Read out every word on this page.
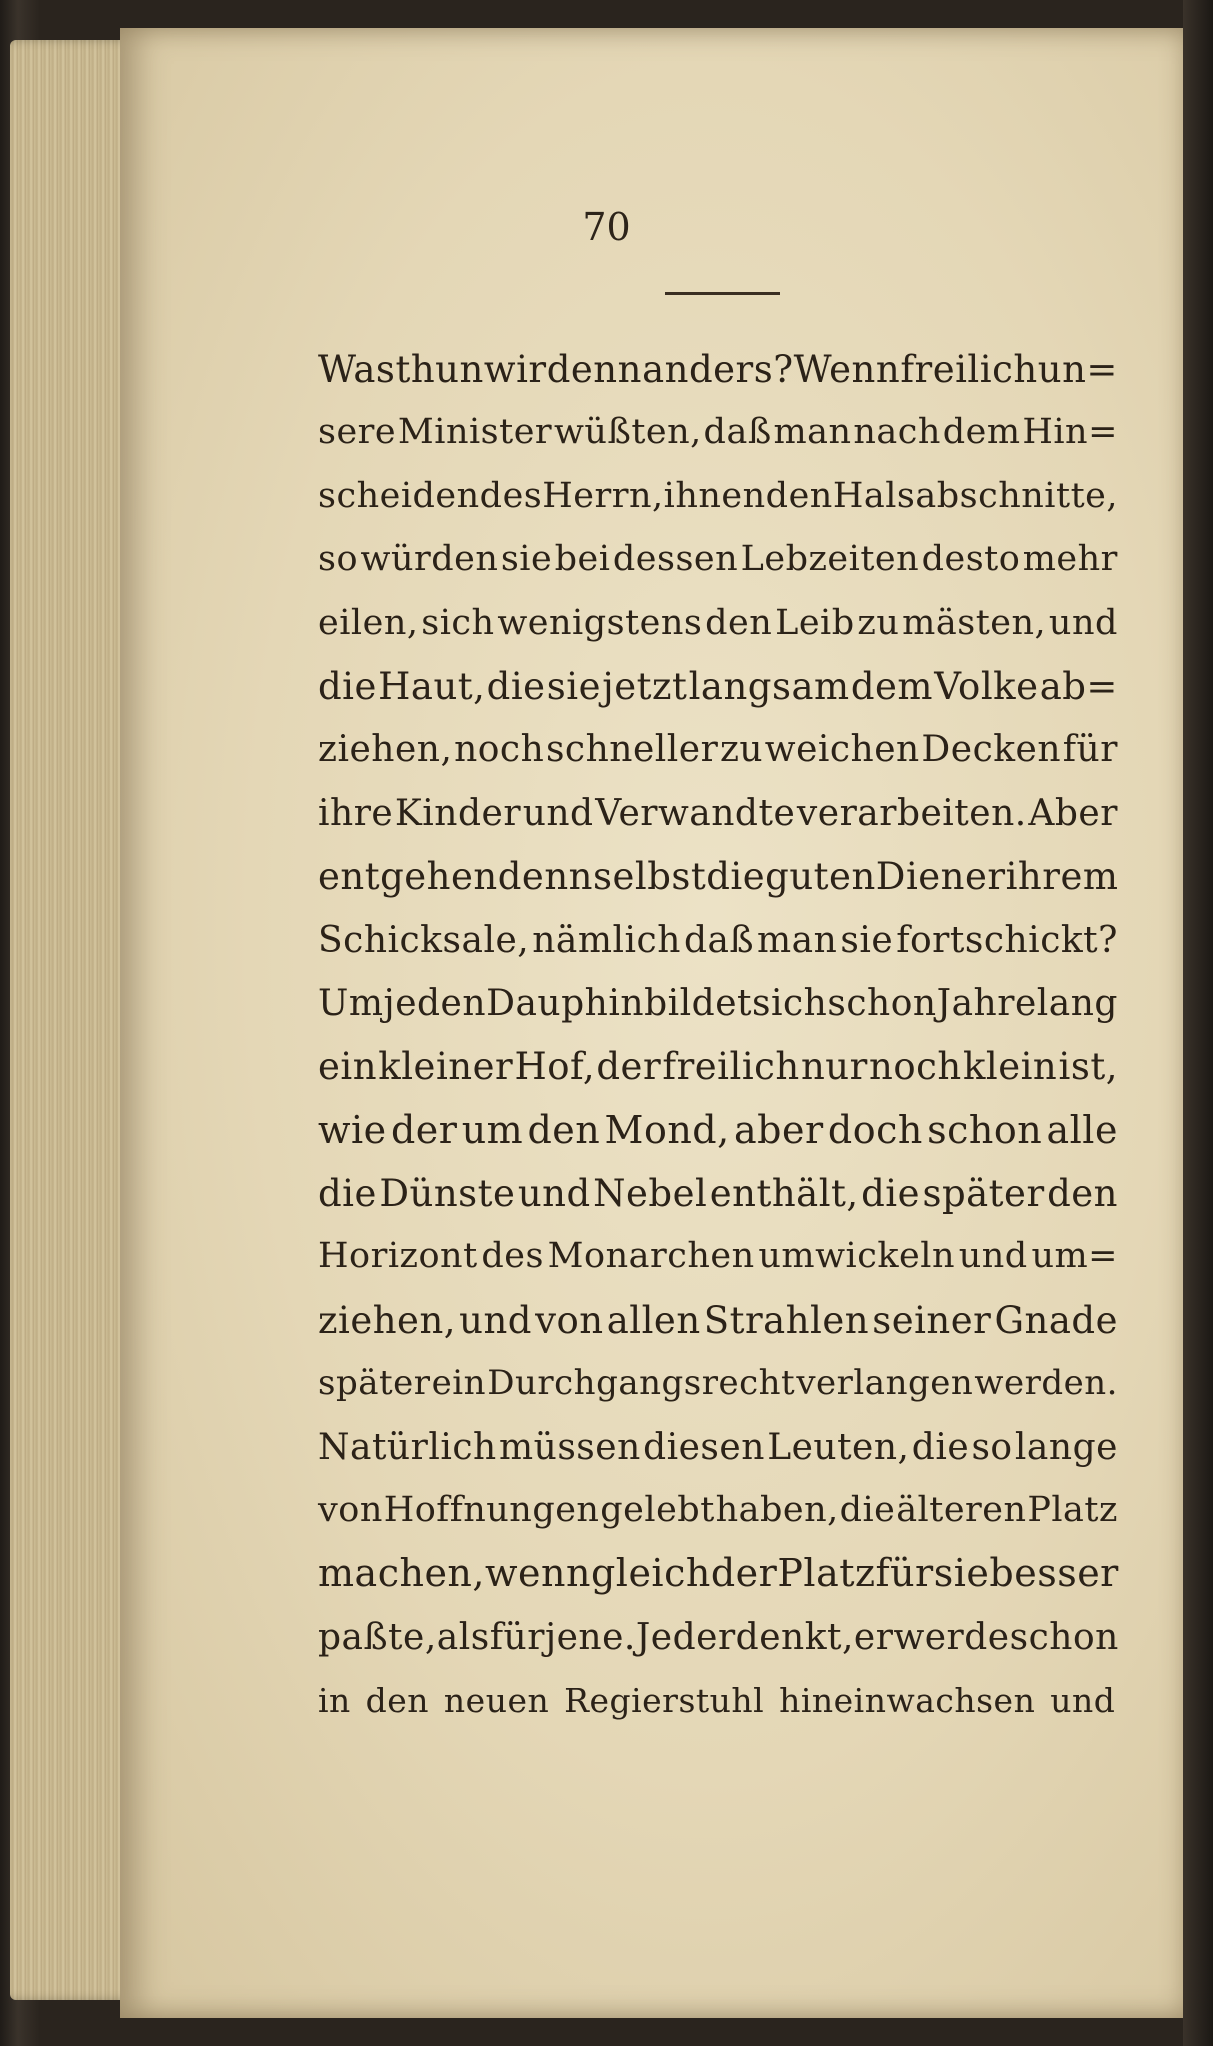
70
Was thun wir denn anders? Wenn freilich un=
sere Minister wüßten, daß man nach dem Hin=
scheiden des Herrn, ihnen den Hals abschnitte,
so würden sie bei dessen Lebzeiten desto mehr
eilen, sich wenigstens den Leib zu mästen, und
die Haut, die sie jetzt langsam dem Volke ab=
ziehen, noch schneller zu weichen Decken für
ihre Kinder und Verwandte verarbeiten. Aber
entgehen denn selbst die guten Diener ihrem
Schicksale, nämlich daß man sie fortschickt?
Um jeden Dauphin bildet sich schon Jahrelang
ein kleiner Hof, der freilich nur noch klein ist,
wie der um den Mond, aber doch schon alle
die Dünste und Nebel enthält, die später den
Horizont des Monarchen umwickeln und um=
ziehen, und von allen Strahlen seiner Gnade
später ein Durchgangsrecht verlangen werden.
Natürlich müssen diesen Leuten, die so lange
von Hoffnungen gelebt haben, die älteren Platz
machen, wenn gleich der Platz für sie besser
paßte, als für jene. Jeder denkt, er werde schon
in den neuen Regierstuhl hineinwachsen und
